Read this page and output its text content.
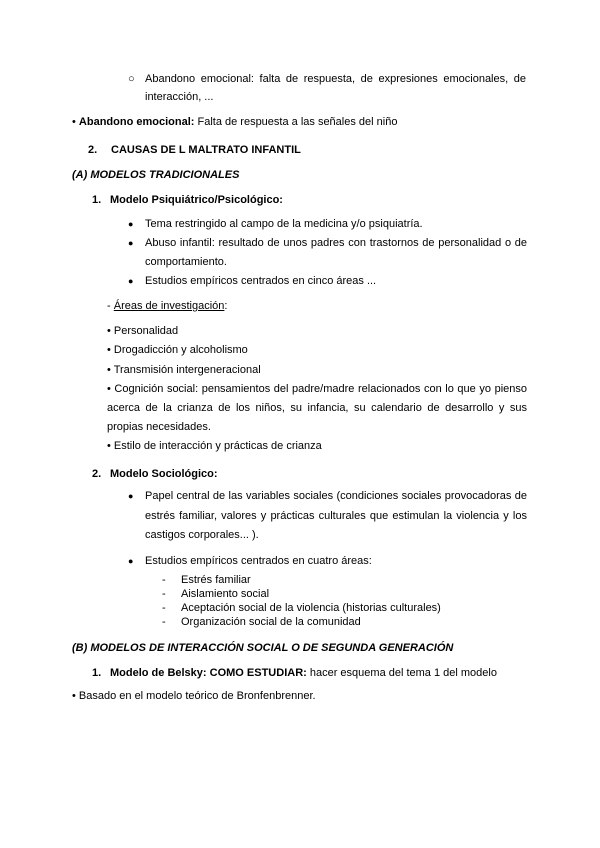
○ Abandono emocional: falta de respuesta, de expresiones emocionales, de
interacción, ...
• Abandono emocional: Falta de respuesta a las señales del niño
2. CAUSAS DE L MALTRATO INFANTIL
(A) MODELOS TRADICIONALES
1. Modelo Psiquiátrico/Psicológico:
● Tema restringido al campo de la medicina y/o psiquiatría.
● Abuso infantil: resultado de unos padres con trastornos de personalidad o de
comportamiento.
● Estudios empíricos centrados en cinco áreas ...
- Áreas de investigación:
• Personalidad
• Drogadicción y alcoholismo
• Transmisión intergeneracional
• Cognición social: pensamientos del padre/madre relacionados con lo que yo pienso
acerca de la crianza de los niños, su infancia, su calendario de desarrollo y sus
propias necesidades.
• Estilo de interacción y prácticas de crianza
2. Modelo Sociológico:
● Papel central de las variables sociales (condiciones sociales provocadoras de
estrés familiar, valores y prácticas culturales que estimulan la violencia y los
castigos corporales... ).
● Estudios empíricos centrados en cuatro áreas:
- Estrés familiar
- Aislamiento social
- Aceptación social de la violencia (historias culturales)
- Organización social de la comunidad
(B) MODELOS DE INTERACCIÓN SOCIAL O DE SEGUNDA GENERACIÓN
1. Modelo de Belsky: COMO ESTUDIAR: hacer esquema del tema 1 del modelo
• Basado en el modelo teórico de Bronfenbrenner.
